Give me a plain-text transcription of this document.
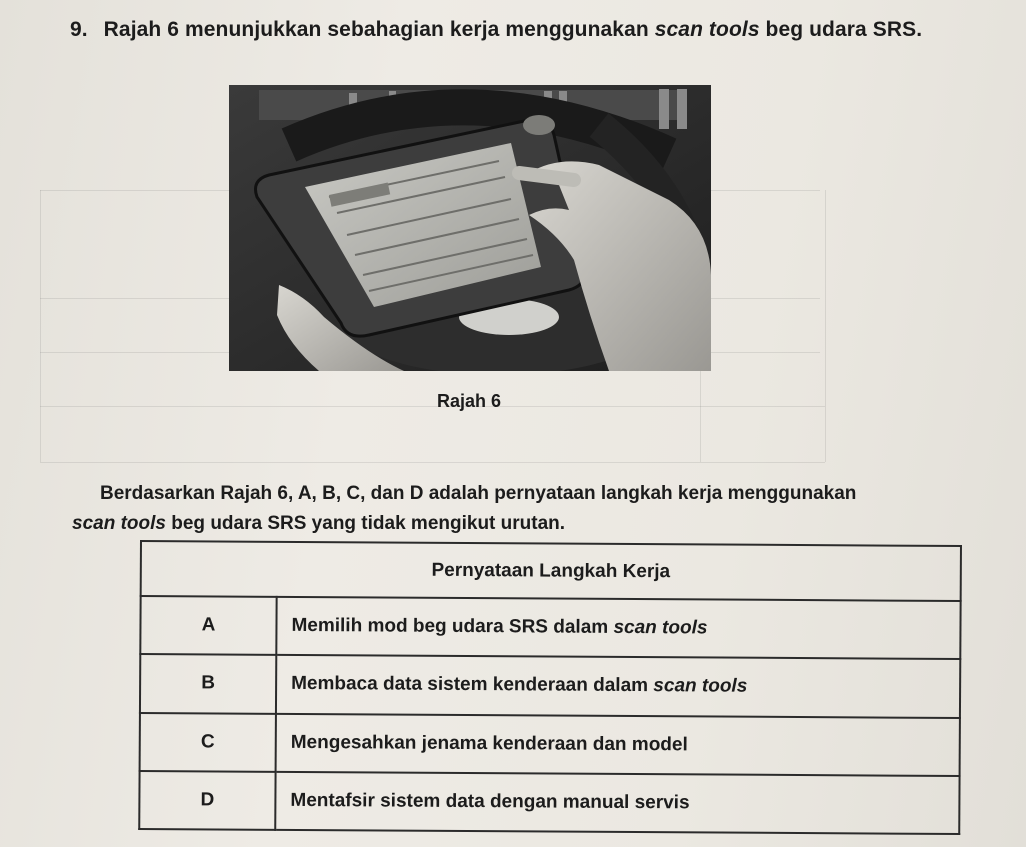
9. Rajah 6 menunjukkan sebahagian kerja menggunakan scan tools beg udara SRS.
Rajah 6
Berdasarkan Rajah 6, A, B, C, dan D adalah pernyataan langkah kerja menggunakan
scan tools beg udara SRS yang tidak mengikut urutan.
Pernyataan Langkah Kerja	
A	Memilih mod beg udara SRS dalam scan tools
B	Membaca data sistem kenderaan dalam scan tools
C	Mengesahkan jenama kenderaan dan model
D	Mentafsir sistem data dengan manual servis
